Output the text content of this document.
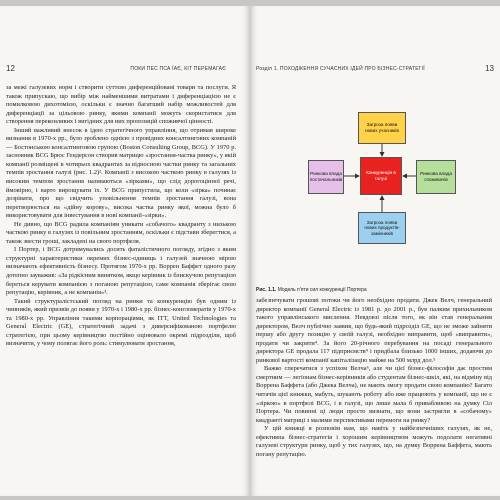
12	ПОКИ ПЕС ПСА ЇАЄ, КІТ ПЕРЕМАГАЄ

за межі галузевих норм і створити суттєво диференційовані товари та послуги. Я також припускаю, що вибір між найменшими витратами і диференціацією не є помилковою дихотомією, оскільки є значно багатший набір можливостей для диференціації за цільовою ринку, якими компанії можуть скористатися для створення переконливих і вигідних для них пропозицій споживчої цінності.

Інший важливий внесок в ідею стратегічного управління, що отримав широке визнання в 1970-х рр., було зроблено однією з провідних консалтингових компаній — Бостонською консалтинговою групою (Boston Consulting Group, BCG). У 1970 р. засновник BCG Брюс Гендерсон створив матрицю «зростання-частка ринку», у якій компанії розміщені в чотирьох квадрантах за відносною частки ринку та загальних темпів зростання галузі (рис. 1.2)². Компанії з високою часткою ринку в галузях із високим темпом зростання називаються «зірками», що слід дорогоцінної речі, ймовірно, і варто вирощувати їх. У BCG припустила, що коли «зірка» починає дозрівати, про що свідчить уповільнення темпів зростання галузі, вона перетворюється на «дійну корову», висока частка ринку якої, можна було б використовувати для інвестування в нові компанії-«зірки».

Не дивно, що BCG радила компаніям уникати «собачого» квадранту з низькою часткою ринку в галузях із повільним зростанням, оскільки є підстави зберегтися, а також звести гроші, закладені на свого портфеля.

І Портер, і BCG дотримувались досить фаталістичного погляду, згідно з яким структурні характеристики окремих бізнес-одиниць і галузей значною мірою визначають ефективність бізнесу. Протягом 1970-х рр. Воррен Баффет одного разу дотепно зауважив: «За рідкісним винятком, якщо керівник із блискучою репутацією береться керувати компанією з поганою репутацією, саме компанія зберігає свою репутацію, керівник, а не компанія»³.

Такий структуралістський погляд на ринки та конкуренцію був одним із чинників, який призвів до появи у 1970-х і 1980-х рр. бізнес-конгломератів у 1970-х та 1980-х рр. Управління такими корпораціями, як ITT, United Technologies та General Electric (GE), стратегічний задачі з диверсифікованою портфелю стратегією, при цьому керівництво постійно оцінювало окремі підрозділи, щоб визначити, у чому полягає його роль: стимулювати зростання,

Розділ 1. ПОХОДЖЕННЯ СУЧАСНИХ ІДЕЙ ПРО БІЗНЕС-СТРАТЕГІЇ	13
Загроза появи нових учасників
Ринкова влада постачальників
Конкуренція в галузі
Ринкова влада споживачів
Загроза появи нових продуктів-замінників
Рис. 1.1. Модель п'яти сил конкуренції Портера

забезпечувати грошові потоки чи його необхідно продати. Джек Велч, генеральний директор компанії General Electric із 1981 р. до 2001 р., був палким прихильником такого управлінського мислення. Невдовзі після того, як він став генеральним директором, Велч публічно заявив, що будь-який підрозділ GE, що не зможе зайняти першу або другу позицію у своїй галузі, необхідно виправити, щоб «виправити», продати чи закрити⁴. За його 20-річного перебування на посаді генерального директора GE продала 117 підприємств⁴ і придбала близько 1000 інших, додаючи до ринкової вартості компанії капіталізацію майже на 500 млрд дол.⁵

Важко сперечатися з успіхом Велча⁶, але чи цієї бізнес-філософія дає простим смертним — легіонам бізнес-керівників або студентам бізнес-шкіл, які, на відміну від Воррена Баффета (або Джека Велча), не мають змогу продати свою компанію? Багато читачів цієї книжки, мабуть, шукають роботу або вже працюють у компанії, що не є «зіркою» в портфелі BCG, і в галузі, що лише мала б привабливою на думку Сіл Портера. Чи повинні ці люди просто визнати, що вони застрягли в «собачому» квадранті матриці з малими перспективами перемоги на ринку?

У цій книжці я розповім вам, що навіть у найбезпечніших галузях, як не, ефективна бізнес-стратегія і хорошим керівництвом можуть подолати негативні галузеві структури ринку, щоб у тих галузях, що, на думку Воррена Баффета, мають погану репутацію.
